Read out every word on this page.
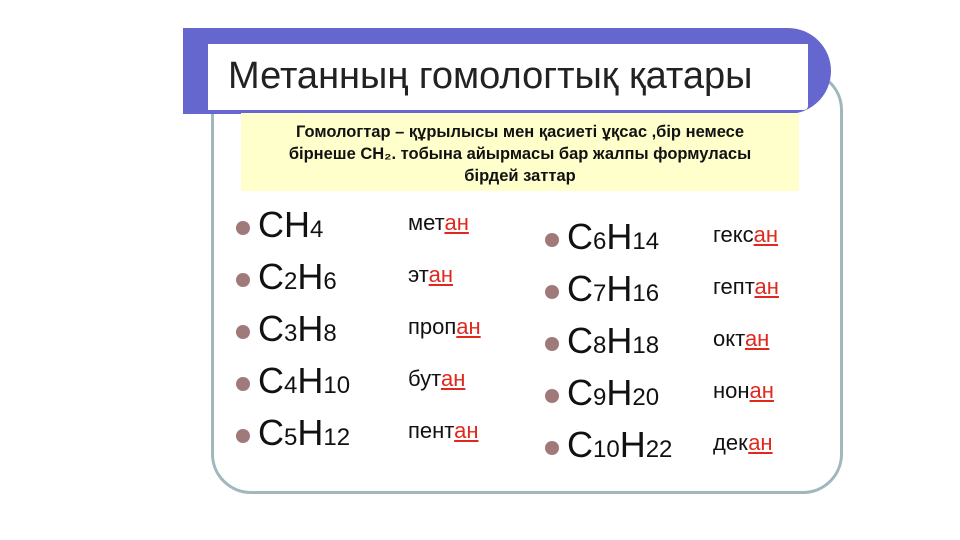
Метанның гомологтық қатары
Гомологтар – құрылысы мен қасиеті ұқсас ,бір немесе
бірнеше СН₂. тобына айырмасы бар жалпы формуласы
бірдей заттар
CH4	метан
C2H6	этан
C3H8	пропан
C4H10	бутан
C5H12	пентан
C6H14 гексан
C7H16 гептан
C8H18 октан
C9H20 нонан
C10H22 декан
